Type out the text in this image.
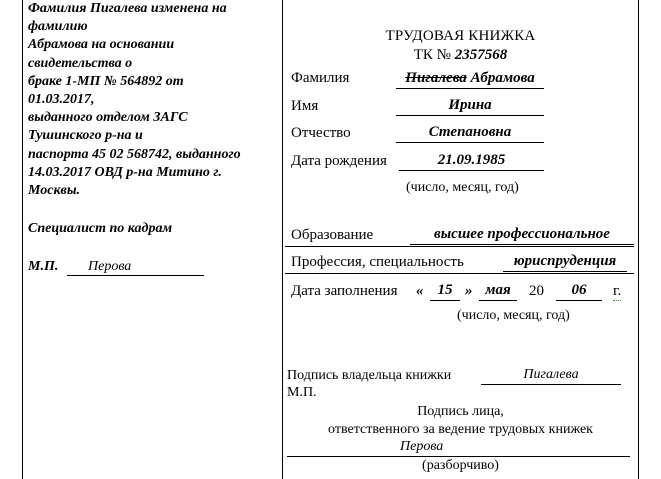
Фамилия Пигалева изменена на
фамилию
Абрамова на основании
свидетельства о
браке 1-МП № 564892 от
01.03.2017,
выданного отделом ЗАГС
Тушинского р-на и
паспорта 45 02 568742, выданного
14.03.2017 ОВД р-на Митино г.
Москвы.
Специалист по кадрам
М.П. Перова
ТРУДОВАЯ КНИЖКА
ТК № 2357568
Фамилия	Пигалева Абрамова
Имя	Ирина
Отчество	Степановна
Дата рождения	21.09.1985
(число, месяц, год)
Образование	высшее профессиональное
Профессия, специальность	юриспруденция
Дата заполнения « 15 » мая	20	06	г.
(число, месяц, год)
Подпись владельца книжки	Пигалева
М.П.
Подпись лица,
ответственного за ведение трудовых книжек
Перова
(разборчиво)
